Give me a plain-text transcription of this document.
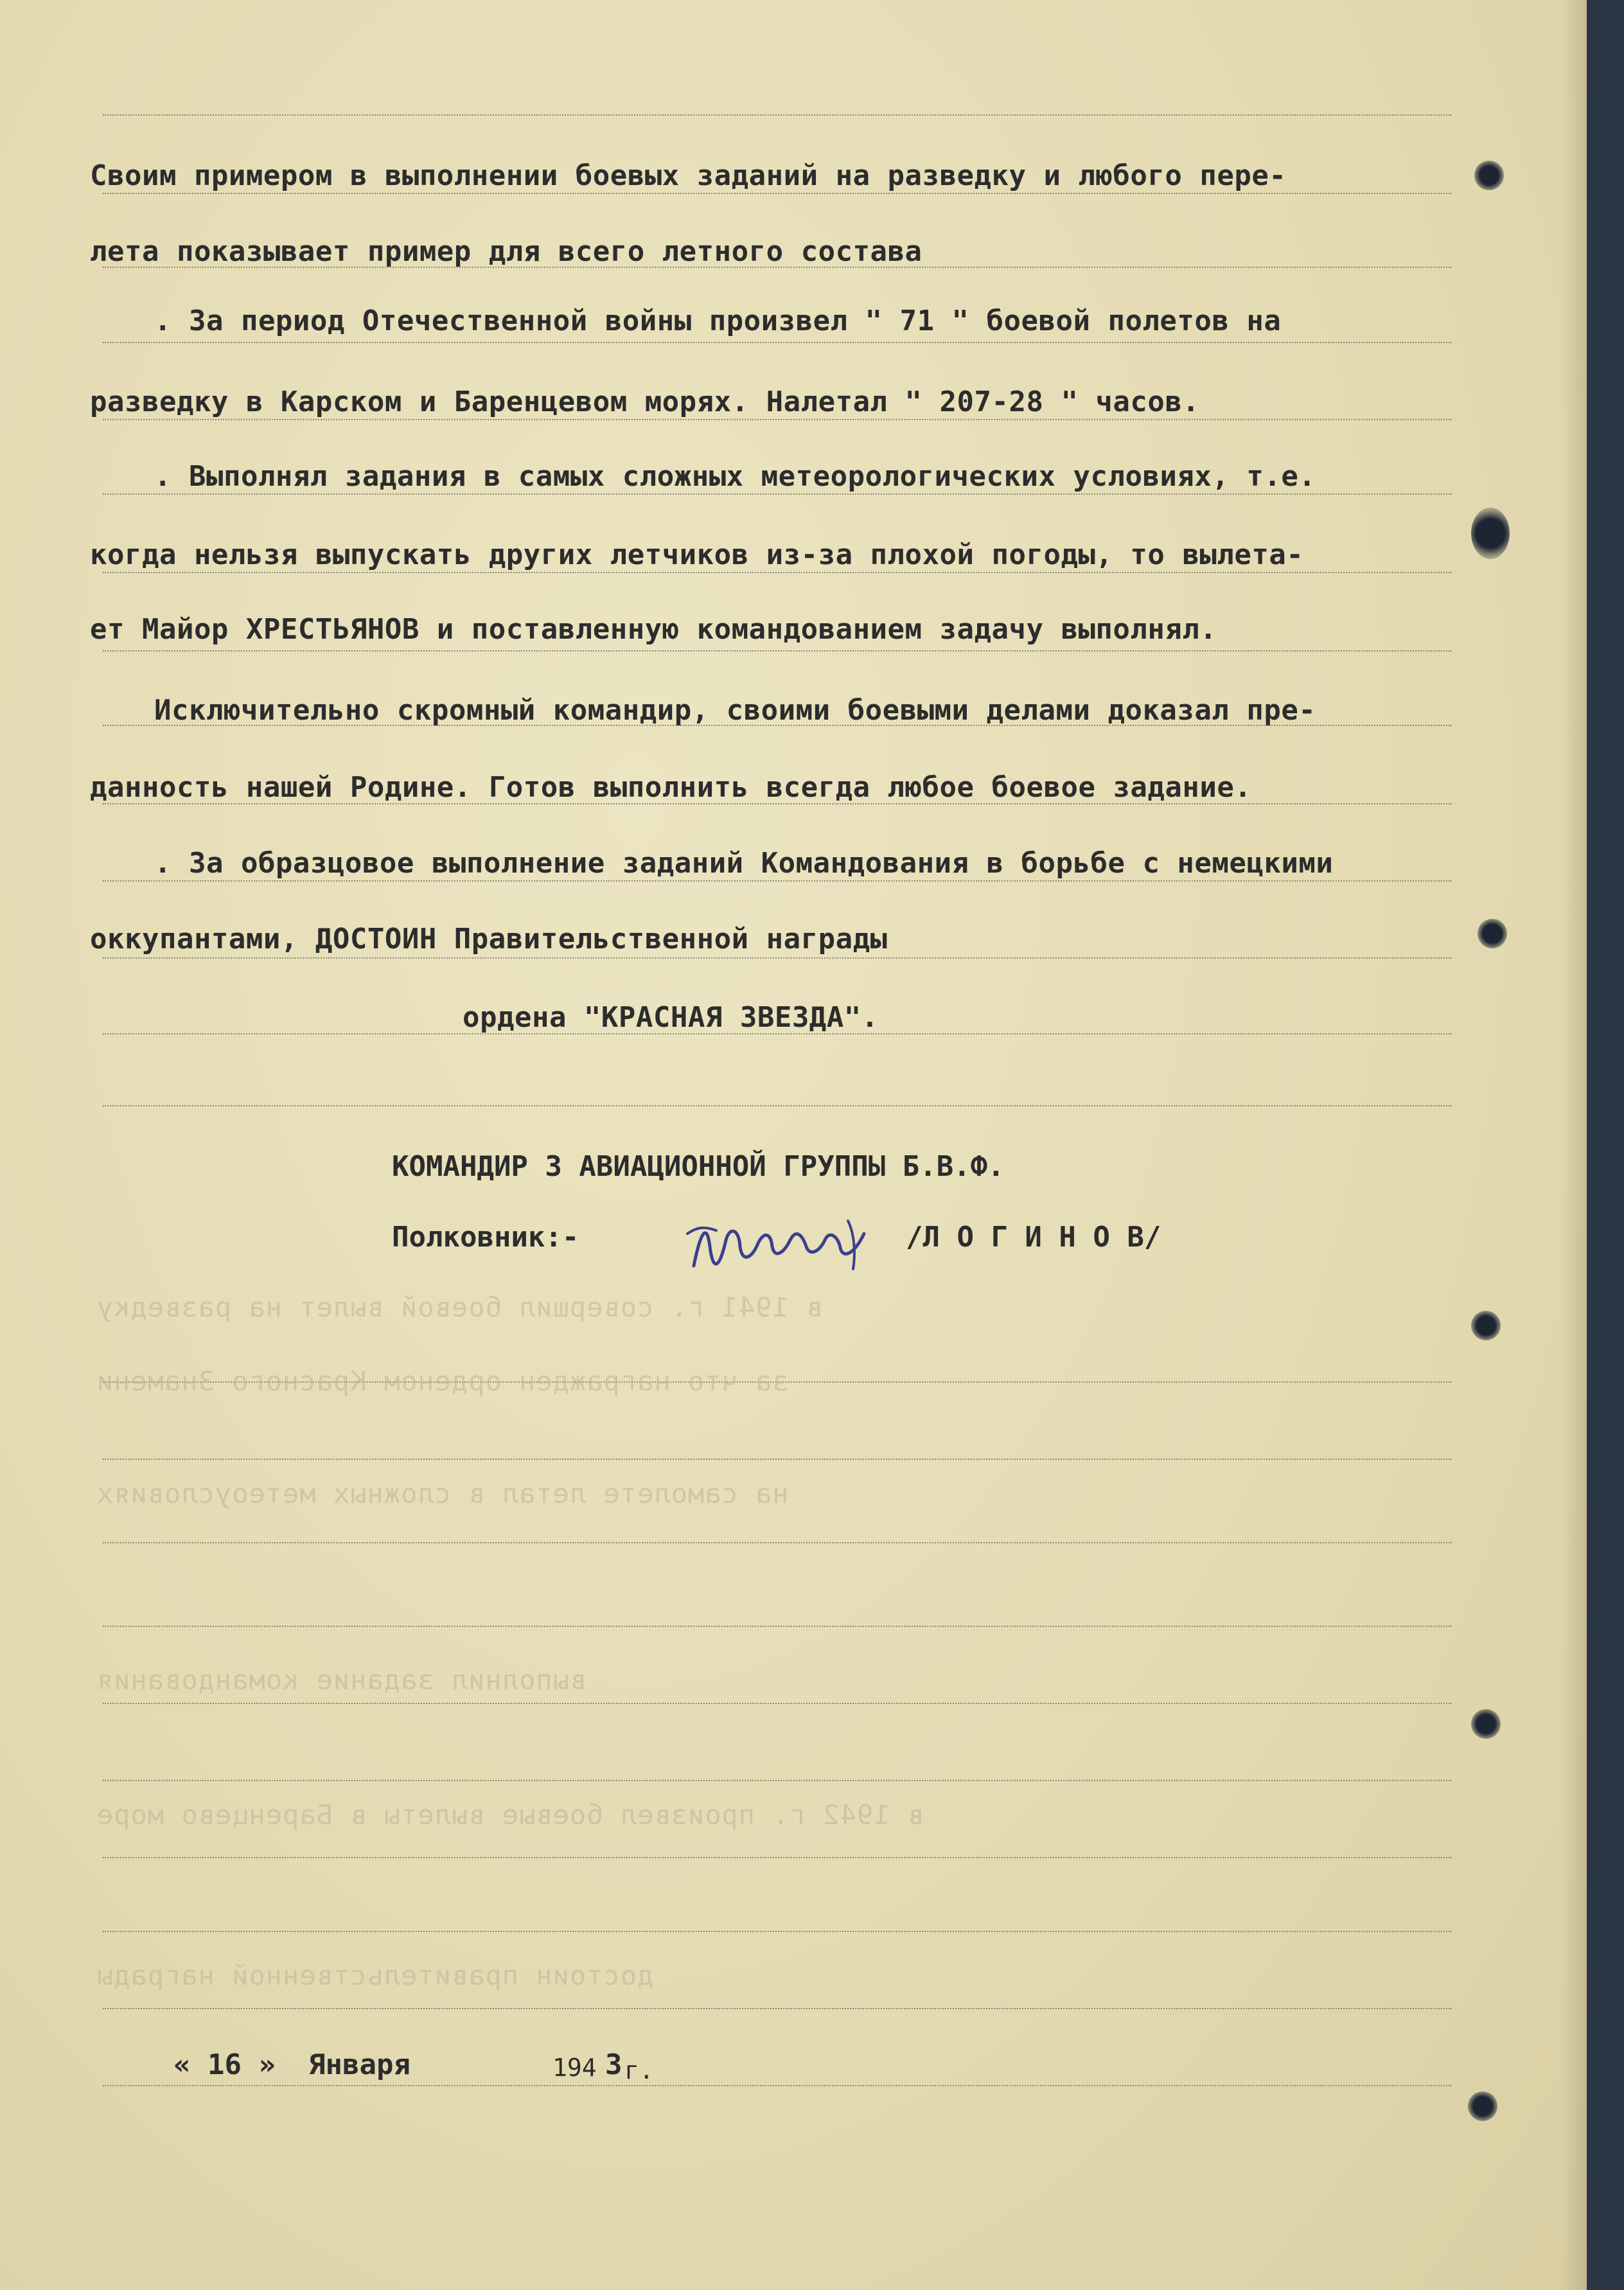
в 1941 г. совершил боевой вылет на разведку
за что награжден орденом Красного Знамени
на самолете летал в сложных метеоусловиях
выполнил задание командования
в 1942 г. произвел боевые вылеты в Баренцево море
достоин правительственной награды
Своим примером в выполнении боевых заданий на разведку и любого пере-
лета показывает пример для всего летного состава
. За период Отечественной войны произвел " 71 " боевой полетов на
разведку в Карском и Баренцевом морях. Налетал " 207-28 " часов.
. Выполнял задания в самых сложных метеорологических условиях, т.е.
когда нельзя выпускать других летчиков из-за плохой погоды, то вылета-
ет Майор ХРЕСТЬЯНОВ и поставленную командованием задачу выполнял.
Исключительно скромный командир, своими боевыми делами доказал пре-
данность нашей Родине. Готов выполнить всегда любое боевое задание.
. За образцовое выполнение заданий Командования в борьбе с немецкими
оккупантами, ДОСТОИН Правительственной награды
ордена "КРАСНАЯ ЗВЕЗДА".
КОМАНДИР 3 АВИАЦИОННОЙ ГРУППЫ Б.В.Ф.
Полковник:-	/Л О Г И Н О В/
« 16 » Января	194 3 г.
